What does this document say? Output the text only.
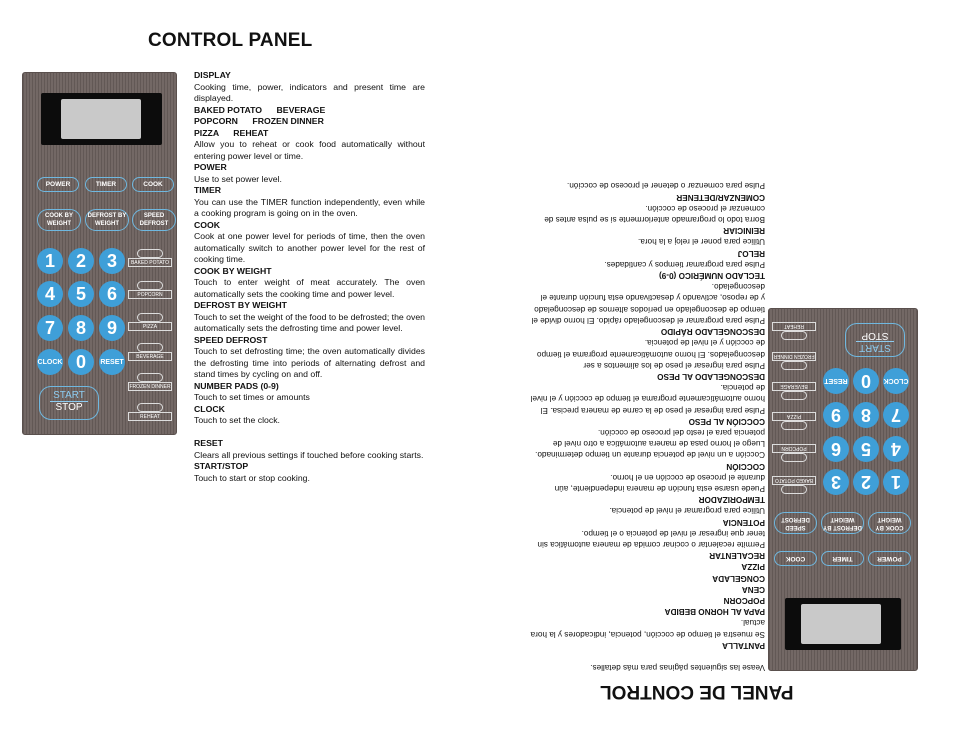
CONTROL PANEL
POWER	TIMER	COOK
COOK BY WEIGHT
DEFROST BY WEIGHT
SPEED DEFROST
1	2	3
4	5	6
7	8	9
CLOCK 0	RESET
BAKED POTATO
POPCORN
PIZZA
BEVERAGE
FROZEN DINNER
REHEAT
START
STOP
DISPLAY
Cooking time, power, indicators and present time are displayed.
BAKED POTATO      BEVERAGE
POPCORN      FROZEN DINNER
PIZZA      REHEAT
Allow you to reheat or cook food automatically without entering power level or time.
POWER
Use to set power level.
TIMER
You can use the TIMER function independently, even while a cooking program is going on in the oven.
COOK
Cook at one power level for periods of time, then the oven automatically switch to another power level for the rest of cooking time.
COOK BY WEIGHT
Touch to enter weight of meat accurately. The oven automatically sets the cooking time and power level.
DEFROST BY WEIGHT
Touch to set the weight of the food to be defrosted; the oven automatically sets the defrosting time and power level.
SPEED DEFROST
Touch to set defrosting time; the oven automatically divides the defrosting time into periods of alternating defrost and stand times by cycling on and off.
NUMBER PADS (0-9)
Touch to set times or amounts
CLOCK
Touch to set the clock.
RESET
Clears all previous settings if touched before cooking starts.
START/STOP
Touch to start or stop cooking.
POWER
TIMER
COOK
COOK BY WEIGHT
DEFROST BY WEIGHT
SPEED DEFROST
1
2
3
4
5
6
7
8
9
CLOCK
0
RESET
BAKED POTATO
POPCORN
PIZZA
BEVERAGE
FROZEN DINNER
REHEAT
START
STOP
PANEL DE CONTROL
Vease las siguientes páginas para más detalles.
PANTALLA
Se muestra el tiempo de cocción, potencia, indicadores y la hora actual.
PAPA AL HORNO BEBIDA
POPCORN
CENA
CONGELADA
PIZZA
RECALENTAR
Permite recalentar o cocinar comida de manera automática sin tener que ingresar el nivel de potencia o el tiempo.
POTENCIA
Utilice para programar el nivel de potencia.
TEMPORIZADOR
Puede usarse esta función de manera independiente, aún durante el proceso de cocción en el horno.
COCCIÓN
Cocción a un nivel de potencia durante un tiempo determinado. Luego el horno pasa de manera automática a otro nivel de potencia para el resto del proceso de cocción.
COCCIÓN AL PESO
Pulse para ingresar el peso de la carne de manera precisa. El horno automáticamente programa el tiempo de cocción y el nivel de potencia.
DESCONGELADO AL PESO
Pulse para ingresar el peso de los alimentos a ser descongelados. El horno automáticamente programa el tiempo de cocción y el nivel de potencia.
DESCONGELADO RÁPIDO
Pulse para programar el descongelado rápido. El horno divide el tiempo de descongelado en períodos alternos de descongelado y de reposo, activando y desactivando esta función durante el descongelado.
TECLADO NUMÉRICO (0-9)
Pulse para programar tiempos y cantidades.
RELOJ
Utilice para poner el reloj a la hora.
REINICIAR
Borra todo lo programado anteriormente si se pulsa antes de comenzar el proceso de cocción.
COMENZAR/DETENER
Pulse para comenzar o detener el proceso de cocción.
